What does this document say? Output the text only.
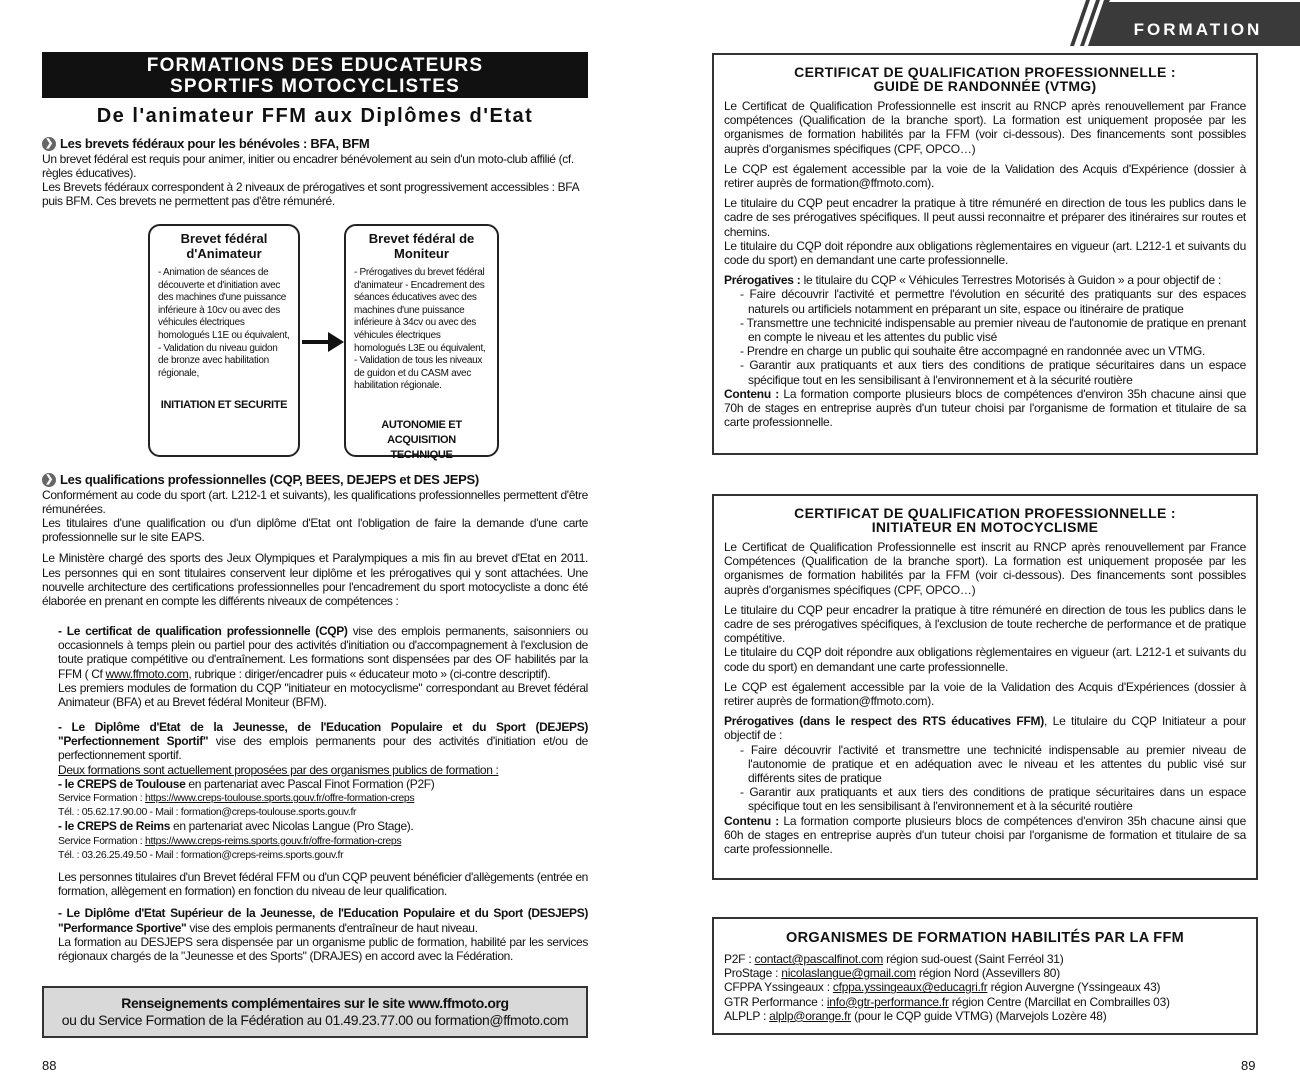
FORMATIONS DES EDUCATEURS
SPORTIFS MOTOCYCLISTES
De l'animateur FFM aux Diplômes d'Etat
❯ Les brevets fédéraux pour les bénévoles : BFA, BFM

Un brevet fédéral est requis pour animer, initier ou encadrer bénévolement au sein d'un moto-club affilié (cf. règles éducatives).

Les Brevets fédéraux correspondent à 2 niveaux de prérogatives et sont progressivement accessibles : BFA puis BFM. Ces brevets ne permettent pas d'être rémunéré.

Brevet fédéral d'Animateur
- Animation de séances de découverte et d'initiation avec des machines d'une puissance inférieure à 10cv ou avec des véhicules électriques homologués L1E ou équivalent, - Validation du niveau guidon de bronze avec habilitation régionale,
INITIATION ET SECURITE
Brevet fédéral de Moniteur
- Prérogatives du brevet fédéral d'animateur - Encadrement des séances éducatives avec des machines d'une puissance inférieure à 34cv ou avec des véhicules électriques homologués L3E ou équivalent, - Validation de tous les niveaux de guidon et du CASM avec habilitation régionale.
AUTONOMIE ET ACQUISITION TECHNIQUE
❯ Les qualifications professionnelles (CQP, BEES, DEJEPS et DES JEPS)

Conformément au code du sport (art. L212-1 et suivants), les qualifications professionnelles permettent d'être rémunérées.

Les titulaires d'une qualification ou d'un diplôme d'Etat ont l'obligation de faire la demande d'une carte professionnelle sur le site EAPS.

Le Ministère chargé des sports des Jeux Olympiques et Paralympiques a mis fin au brevet d'Etat en 2011. Les personnes qui en sont titulaires conservent leur diplôme et les prérogatives qui y sont attachées. Une nouvelle architecture des certifications professionnelles pour l'encadrement du sport motocycliste a donc été élaborée en prenant en compte les différents niveaux de compétences :

- Le certificat de qualification professionnelle (CQP) vise des emplois permanents, saisonniers ou occasionnels à temps plein ou partiel pour des activités d'initiation ou d'accompagnement à l'exclusion de toute pratique compétitive ou d'entraînement. Les formations sont dispensées par des OF habilités par la FFM ( Cf www.ffmoto.com, rubrique : diriger/encadrer puis « éducateur moto » (ci-contre descriptif).

Les premiers modules de formation du CQP "initiateur en motocyclisme" correspondant au Brevet fédéral Animateur (BFA) et au Brevet fédéral Moniteur (BFM).

- Le Diplôme d'Etat de la Jeunesse, de l'Education Populaire et du Sport (DEJEPS) "Perfectionnement Sportif" vise des emplois permanents pour des activités d'initiation et/ou de perfectionnement sportif.

Deux formations sont actuellement proposées par des organismes publics de formation :

- le CREPS de Toulouse en partenariat avec Pascal Finot Formation (P2F)

Service Formation : https://www.creps-toulouse.sports.gouv.fr/offre-formation-creps

Tél. : 05.62.17.90.00 - Mail : formation@creps-toulouse.sports.gouv.fr

- le CREPS de Reims en partenariat avec Nicolas Langue (Pro Stage).

Service Formation : https://www.creps-reims.sports.gouv.fr/offre-formation-creps

Tél. : 03.26.25.49.50 - Mail : formation@creps-reims.sports.gouv.fr

Les personnes titulaires d'un Brevet fédéral FFM ou d'un CQP peuvent bénéficier d'allègements (entrée en formation, allègement en formation) en fonction du niveau de leur qualification.

- Le Diplôme d'Etat Supérieur de la Jeunesse, de l'Education Populaire et du Sport (DESJEPS) "Performance Sportive" vise des emplois permanents d'entraîneur de haut niveau.

La formation au DESJEPS sera dispensée par un organisme public de formation, habilité par les services régionaux chargés de la "Jeunesse et des Sports" (DRAJES) en accord avec la Fédération.

Renseignements complémentaires sur le site www.ffmoto.org
ou du Service Formation de la Fédération au 01.49.23.77.00 ou formation@ffmoto.com
88
FORMATION
CERTIFICAT DE QUALIFICATION PROFESSIONNELLE :
GUIDE DE RANDONNÉE (VTMG)

Le Certificat de Qualification Professionnelle est inscrit au RNCP après renouvellement par France compétences (Qualification de la branche sport). La formation est uniquement proposée par les organismes de formation habilités par la FFM (voir ci-dessous). Des financements sont possibles auprès d'organismes spécifiques (CPF, OPCO…)

Le CQP est également accessible par la voie de la Validation des Acquis d'Expérience (dossier à retirer auprès de formation@ffmoto.com).

Le titulaire du CQP peut encadrer la pratique à titre rémunéré en direction de tous les publics dans le cadre de ses prérogatives spécifiques. Il peut aussi reconnaitre et préparer des itinéraires sur routes et chemins.

Le titulaire du CQP doit répondre aux obligations règlementaires en vigueur (art. L212-1 et suivants du code du sport) en demandant une carte professionnelle.

Prérogatives : le titulaire du CQP « Véhicules Terrestres Motorisés à Guidon » a pour objectif de :

- Faire découvrir l'activité et permettre l'évolution en sécurité des pratiquants sur des espaces naturels ou artificiels notamment en préparant un site, espace ou itinéraire de pratique
- Transmettre une technicité indispensable au premier niveau de l'autonomie de pratique en prenant en compte le niveau et les attentes du public visé
- Prendre en charge un public qui souhaite être accompagné en randonnée avec un VTMG.
- Garantir aux pratiquants et aux tiers des conditions de pratique sécuritaires dans un espace spécifique tout en les sensibilisant à l'environnement et à la sécurité routière

Contenu : La formation comporte plusieurs blocs de compétences d'environ 35h chacune ainsi que 70h de stages en entreprise auprès d'un tuteur choisi par l'organisme de formation et titulaire de sa carte professionnelle.

CERTIFICAT DE QUALIFICATION PROFESSIONNELLE :
INITIATEUR EN MOTOCYCLISME

Le Certificat de Qualification Professionnelle est inscrit au RNCP après renouvellement par France Compétences (Qualification de la branche sport). La formation est uniquement proposée par les organismes de formation habilités par la FFM (voir ci-dessous). Des financements sont possibles auprès d'organismes spécifiques (CPF, OPCO…)

Le titulaire du CQP peur encadrer la pratique à titre rémunéré en direction de tous les publics dans le cadre de ses prérogatives spécifiques, à l'exclusion de toute recherche de performance et de pratique compétitive.

Le titulaire du CQP doit répondre aux obligations règlementaires en vigueur (art. L212-1 et suivants du code du sport) en demandant une carte professionnelle.

Le CQP est également accessible par la voie de la Validation des Acquis d'Expériences (dossier à retirer auprès de formation@ffmoto.com).

Prérogatives (dans le respect des RTS éducatives FFM), Le titulaire du CQP Initiateur a pour objectif de :

- Faire découvrir l'activité et transmettre une technicité indispensable au premier niveau de l'autonomie de pratique et en adéquation avec le niveau et les attentes du public visé sur différents sites de pratique
- Garantir aux pratiquants et aux tiers des conditions de pratique sécuritaires dans un espace spécifique tout en les sensibilisant à l'environnement et à la sécurité routière

Contenu : La formation comporte plusieurs blocs de compétences d'environ 35h chacune ainsi que 60h de stages en entreprise auprès d'un tuteur choisi par l'organisme de formation et titulaire de sa carte professionnelle.

ORGANISMES DE FORMATION HABILITÉS PAR LA FFM
P2F : contact@pascalfinot.com région sud-ouest (Saint Ferréol 31)
ProStage : nicolaslangue@gmail.com région Nord (Assevillers 80)
CFPPA Yssingeaux : cfppa.yssingeaux@educagri.fr région Auvergne (Yssingeaux 43)
GTR Performance : info@gtr-performance.fr région Centre (Marcillat en Combrailles 03)
ALPLP : alplp@orange.fr (pour le CQP guide VTMG) (Marvejols Lozère 48)
89
